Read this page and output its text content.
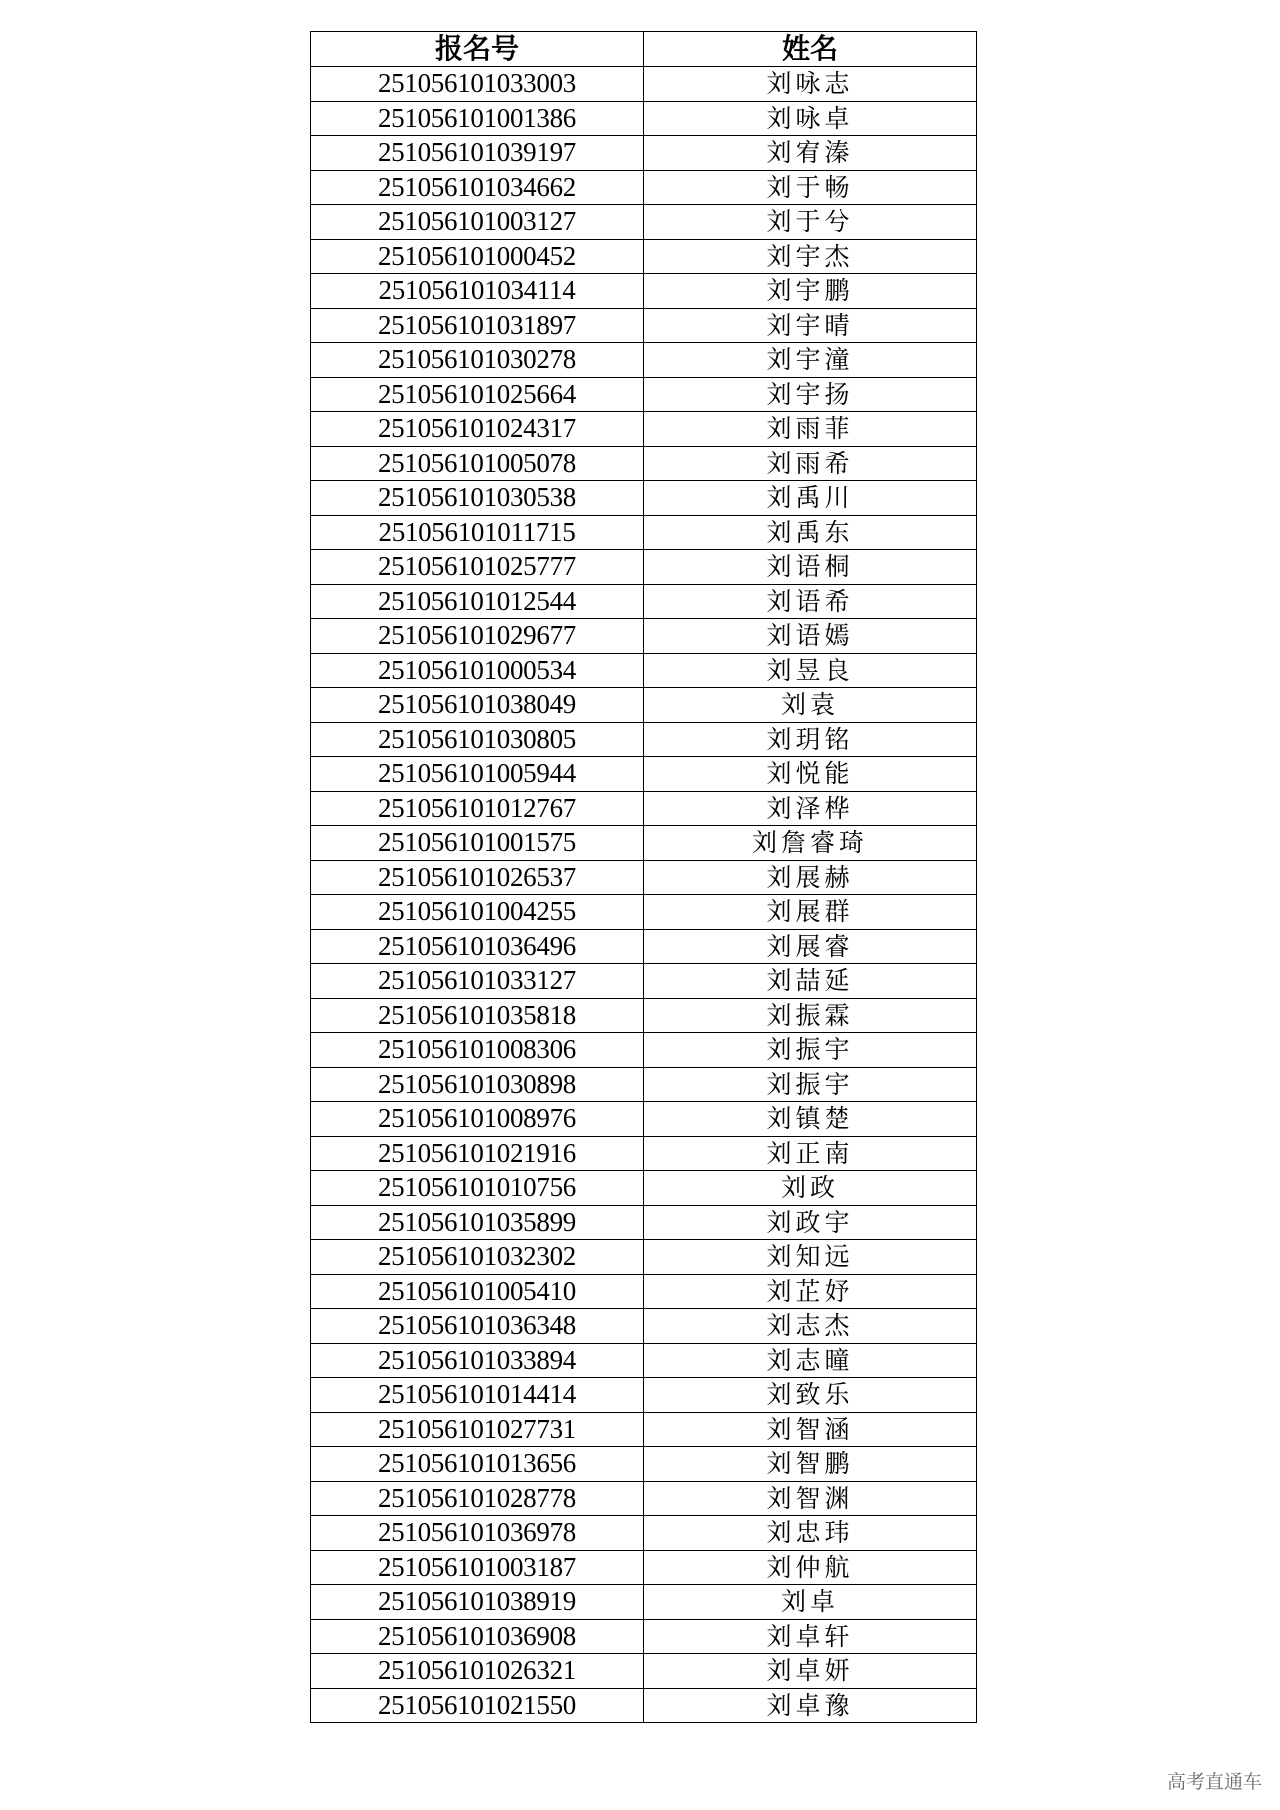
报名号	姓名
251056101033003	刘咏志
251056101001386	刘咏卓
251056101039197	刘宥溱
251056101034662	刘于畅
251056101003127	刘于兮
251056101000452	刘宇杰
251056101034114	刘宇鹏
251056101031897	刘宇晴
251056101030278	刘宇潼
251056101025664	刘宇扬
251056101024317	刘雨菲
251056101005078	刘雨希
251056101030538	刘禹川
251056101011715	刘禹东
251056101025777	刘语桐
251056101012544	刘语希
251056101029677	刘语嫣
251056101000534	刘昱良
251056101038049	刘袁
251056101030805	刘玥铭
251056101005944	刘悦能
251056101012767	刘泽桦
251056101001575	刘詹睿琦
251056101026537	刘展赫
251056101004255	刘展群
251056101036496	刘展睿
251056101033127	刘喆延
251056101035818	刘振霖
251056101008306	刘振宇
251056101030898	刘振宇
251056101008976	刘镇楚
251056101021916	刘正南
251056101010756	刘政
251056101035899	刘政宇
251056101032302	刘知远
251056101005410	刘芷妤
251056101036348	刘志杰
251056101033894	刘志曈
251056101014414	刘致乐
251056101027731	刘智涵
251056101013656	刘智鹏
251056101028778	刘智渊
251056101036978	刘忠玮
251056101003187	刘仲航
251056101038919	刘卓
251056101036908	刘卓轩
251056101026321	刘卓妍
251056101021550	刘卓豫
高考直通车
